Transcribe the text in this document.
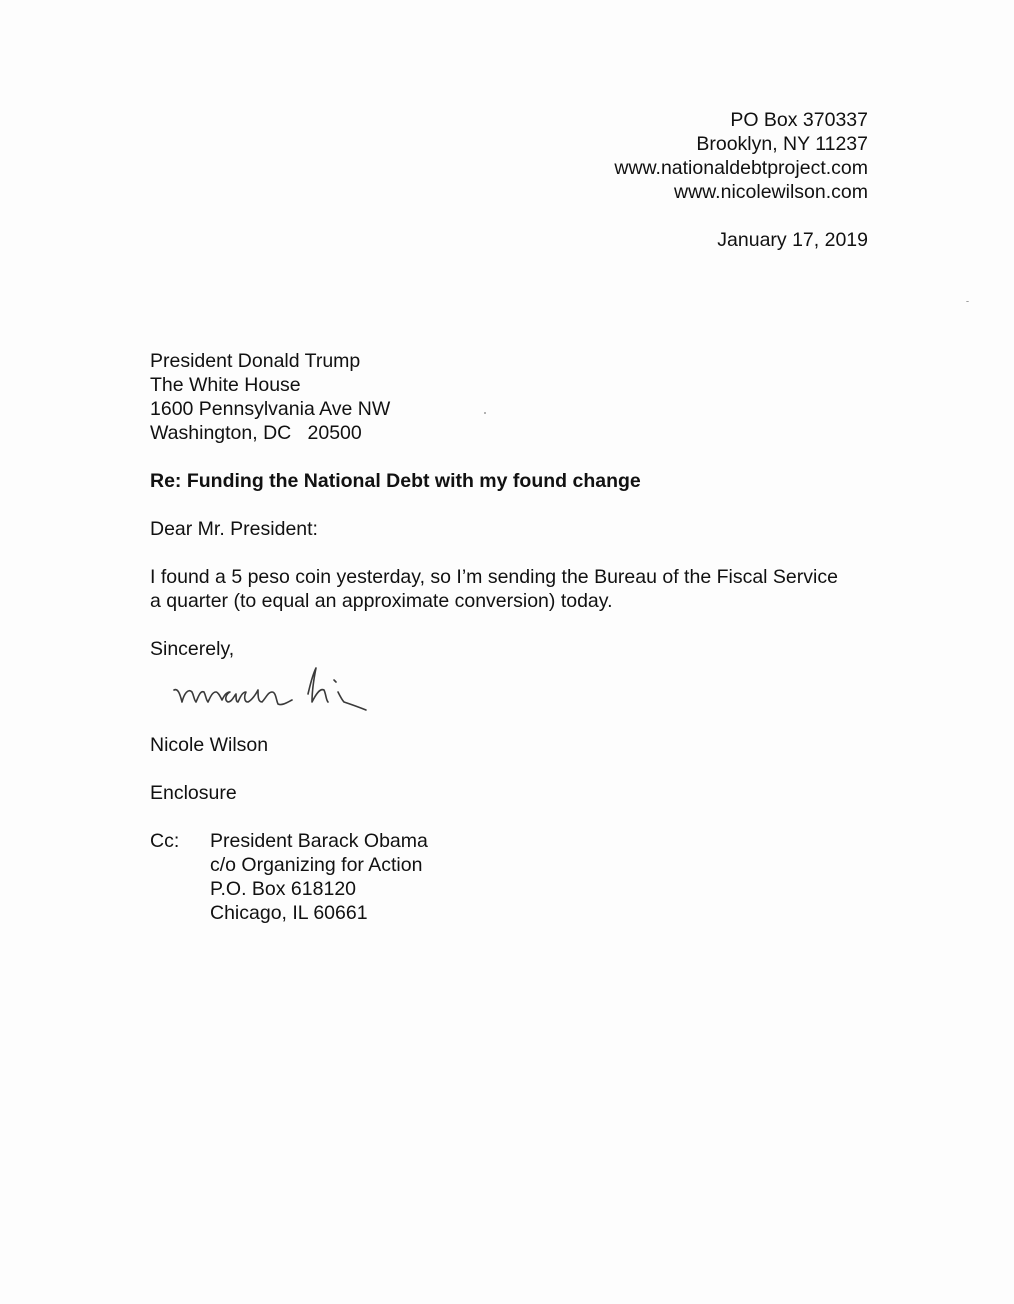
PO Box 370337
Brooklyn, NY 11237
www.nationaldebtproject.com
www.nicolewilson.com
January 17, 2019
President Donald Trump
The White House
1600 Pennsylvania Ave NW
Washington, DC   20500
Re: Funding the National Debt with my found change
Dear Mr. President:
I found a 5 peso coin yesterday, so I’m sending the Bureau of the Fiscal Service
a quarter (to equal an approximate conversion) today.
Sincerely,
Nicole Wilson
Enclosure
Cc: President Barack Obama
c/o Organizing for Action
P.O. Box 618120
Chicago, IL 60661
